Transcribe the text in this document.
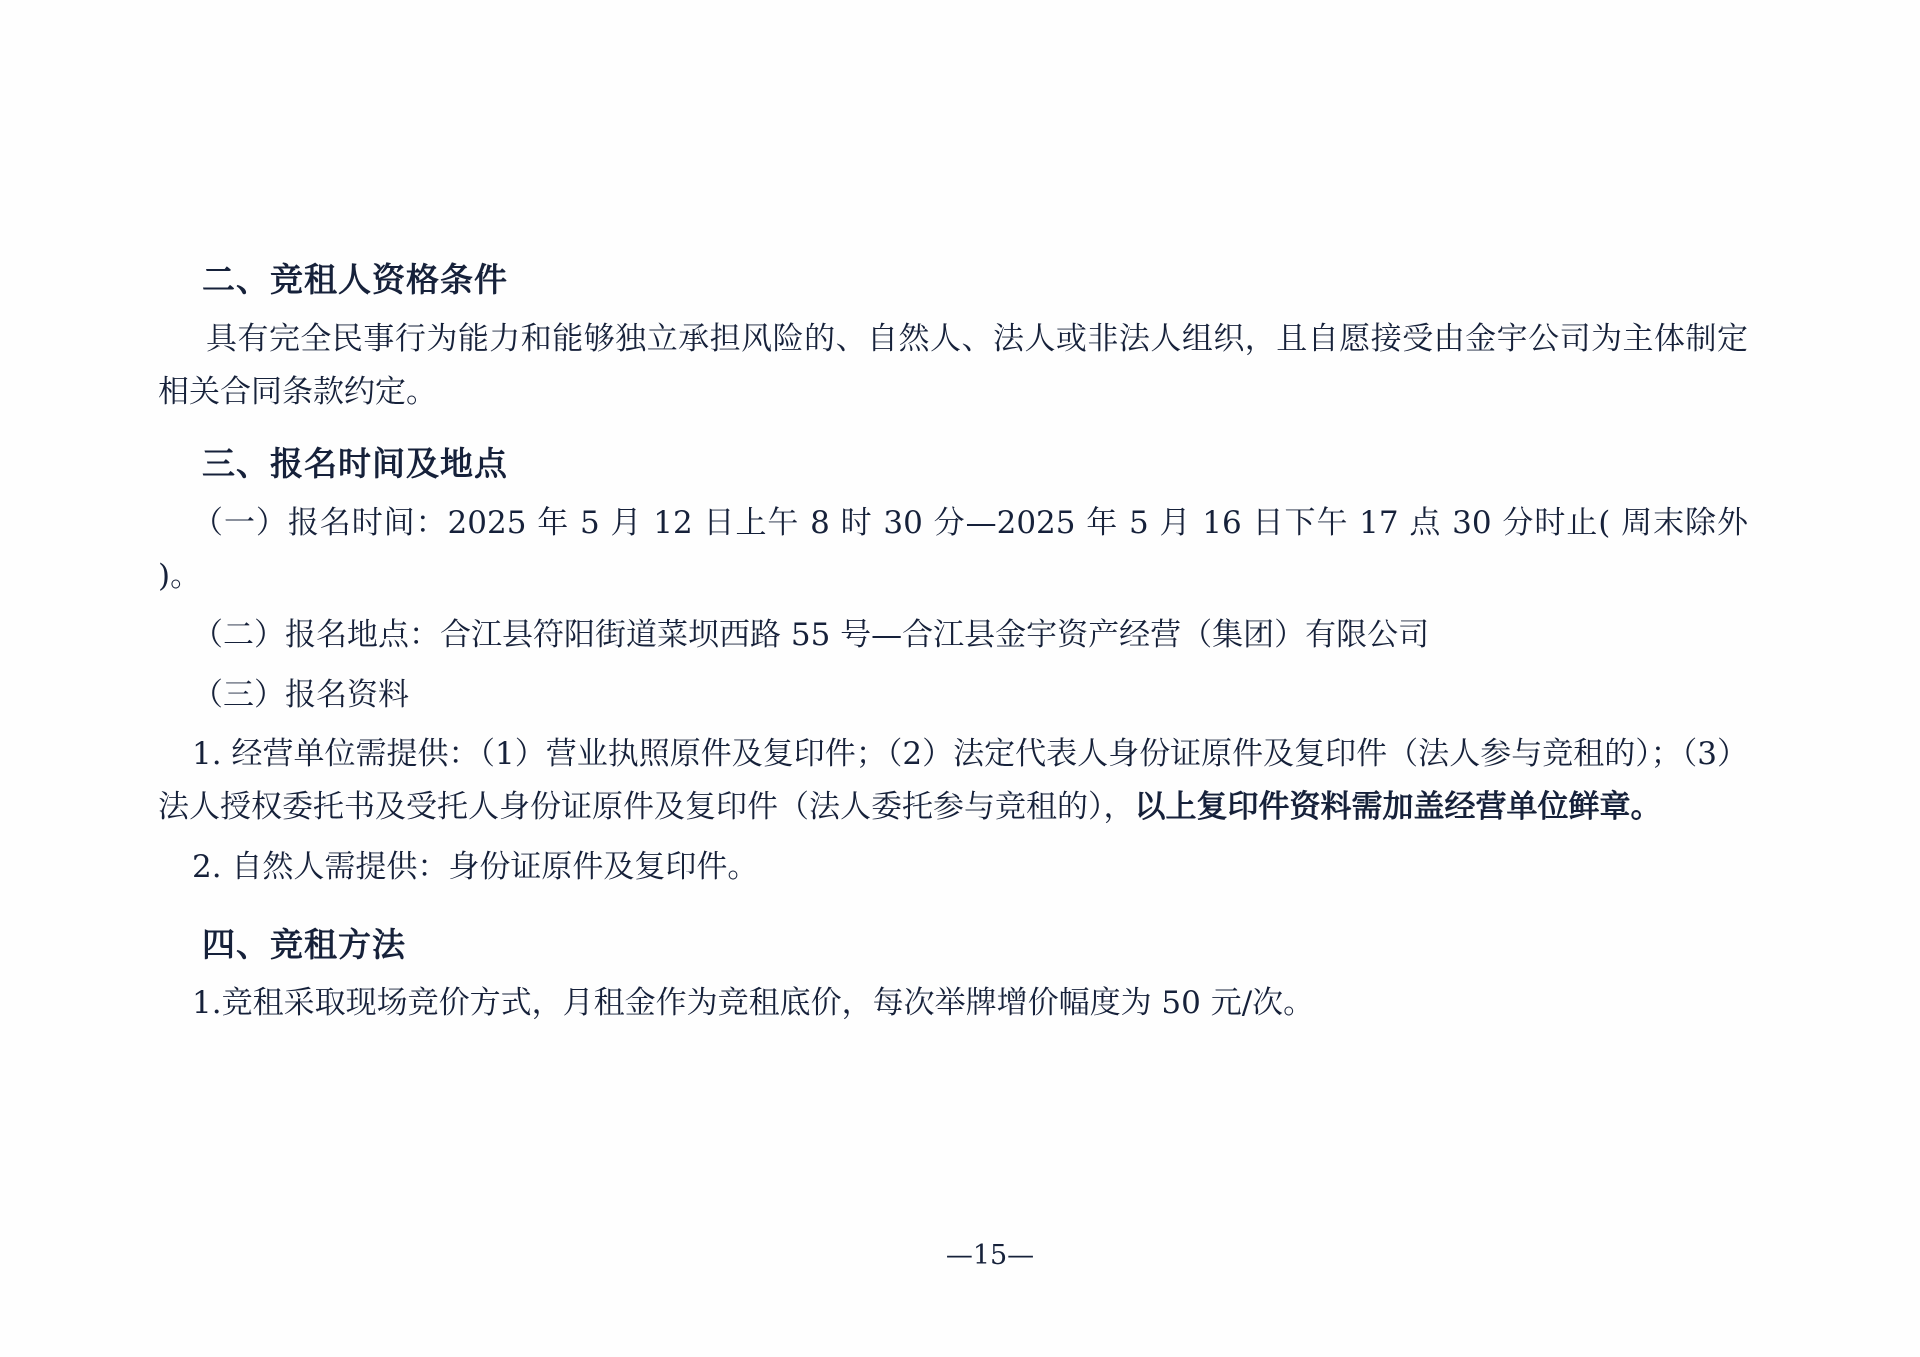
二、竞租人资格条件

具有完全民事行为能力和能够独立承担风险的、自然人、法人或非法人组织，且自愿接受由金宇公司为主体制定相关合同条款约定。

三、报名时间及地点

（一）报名时间：2025 年 5 月 12 日上午 8 时 30 分—2025 年 5 月 16 日下午 17 点 30 分时止( 周末除外 )。

（二）报名地点：合江县符阳街道菜坝西路 55 号—合江县金宇资产经营（集团）有限公司

（三）报名资料

1. 经营单位需提供：（1）营业执照原件及复印件；（2）法定代表人身份证原件及复印件（法人参与竞租的）；（3）法人授权委托书及受托人身份证原件及复印件（法人委托参与竞租的），以上复印件资料需加盖经营单位鲜章。

2. 自然人需提供：身份证原件及复印件。

四、竞租方法

1.竞租采取现场竞价方式，月租金作为竞租底价，每次举牌增价幅度为 50 元/次。

—15—
